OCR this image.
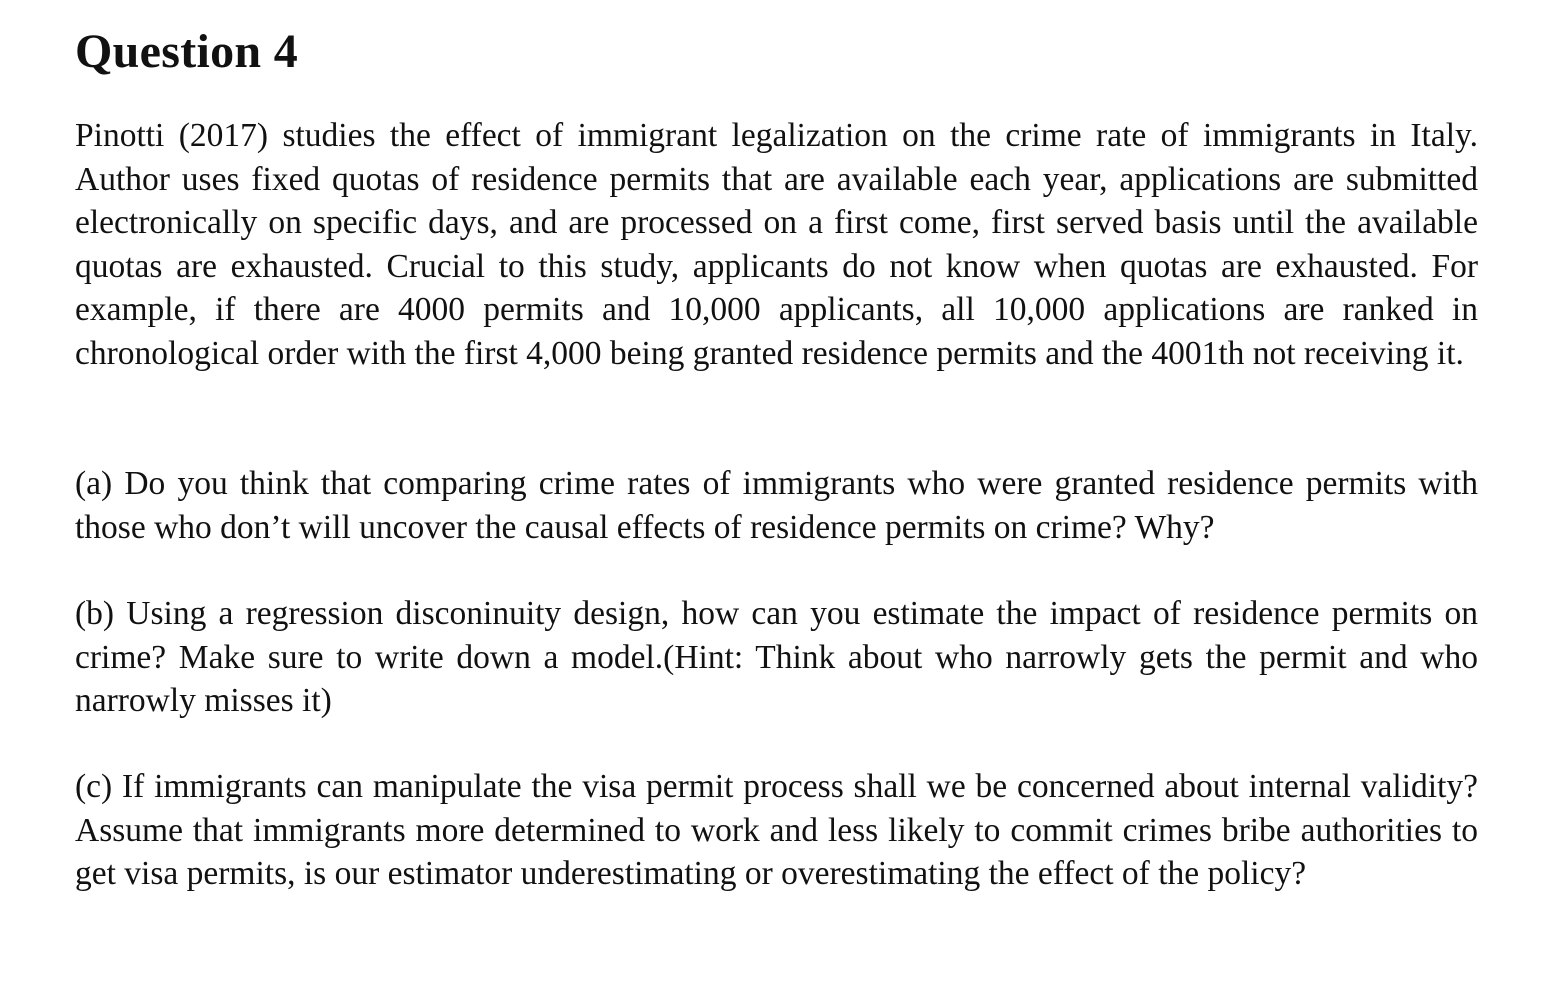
Question 4

Pinotti (2017) studies the effect of immigrant legalization on the crime rate of immigrants in Italy. Author uses fixed quotas of residence permits that are available each year, applications are submitted electronically on specific days, and are processed on a first come, first served basis until the available quotas are exhausted. Crucial to this study, applicants do not know when quotas are exhausted. For example, if there are 4000 permits and 10,000 applicants, all 10,000 applications are ranked in chronological order with the first 4,000 being granted residence permits and the 4001th not receiving it.

(a) Do you think that comparing crime rates of immigrants who were granted residence permits with those who don’t will uncover the causal effects of residence permits on crime? Why?

(b) Using a regression disconinuity design, how can you estimate the impact of residence permits on crime? Make sure to write down a model.(Hint: Think about who narrowly gets the permit and who narrowly misses it)

(c) If immigrants can manipulate the visa permit process shall we be concerned about internal validity? Assume that immigrants more determined to work and less likely to commit crimes bribe authorities to get visa permits, is our estimator underestimating or overestimating the effect of the policy?
